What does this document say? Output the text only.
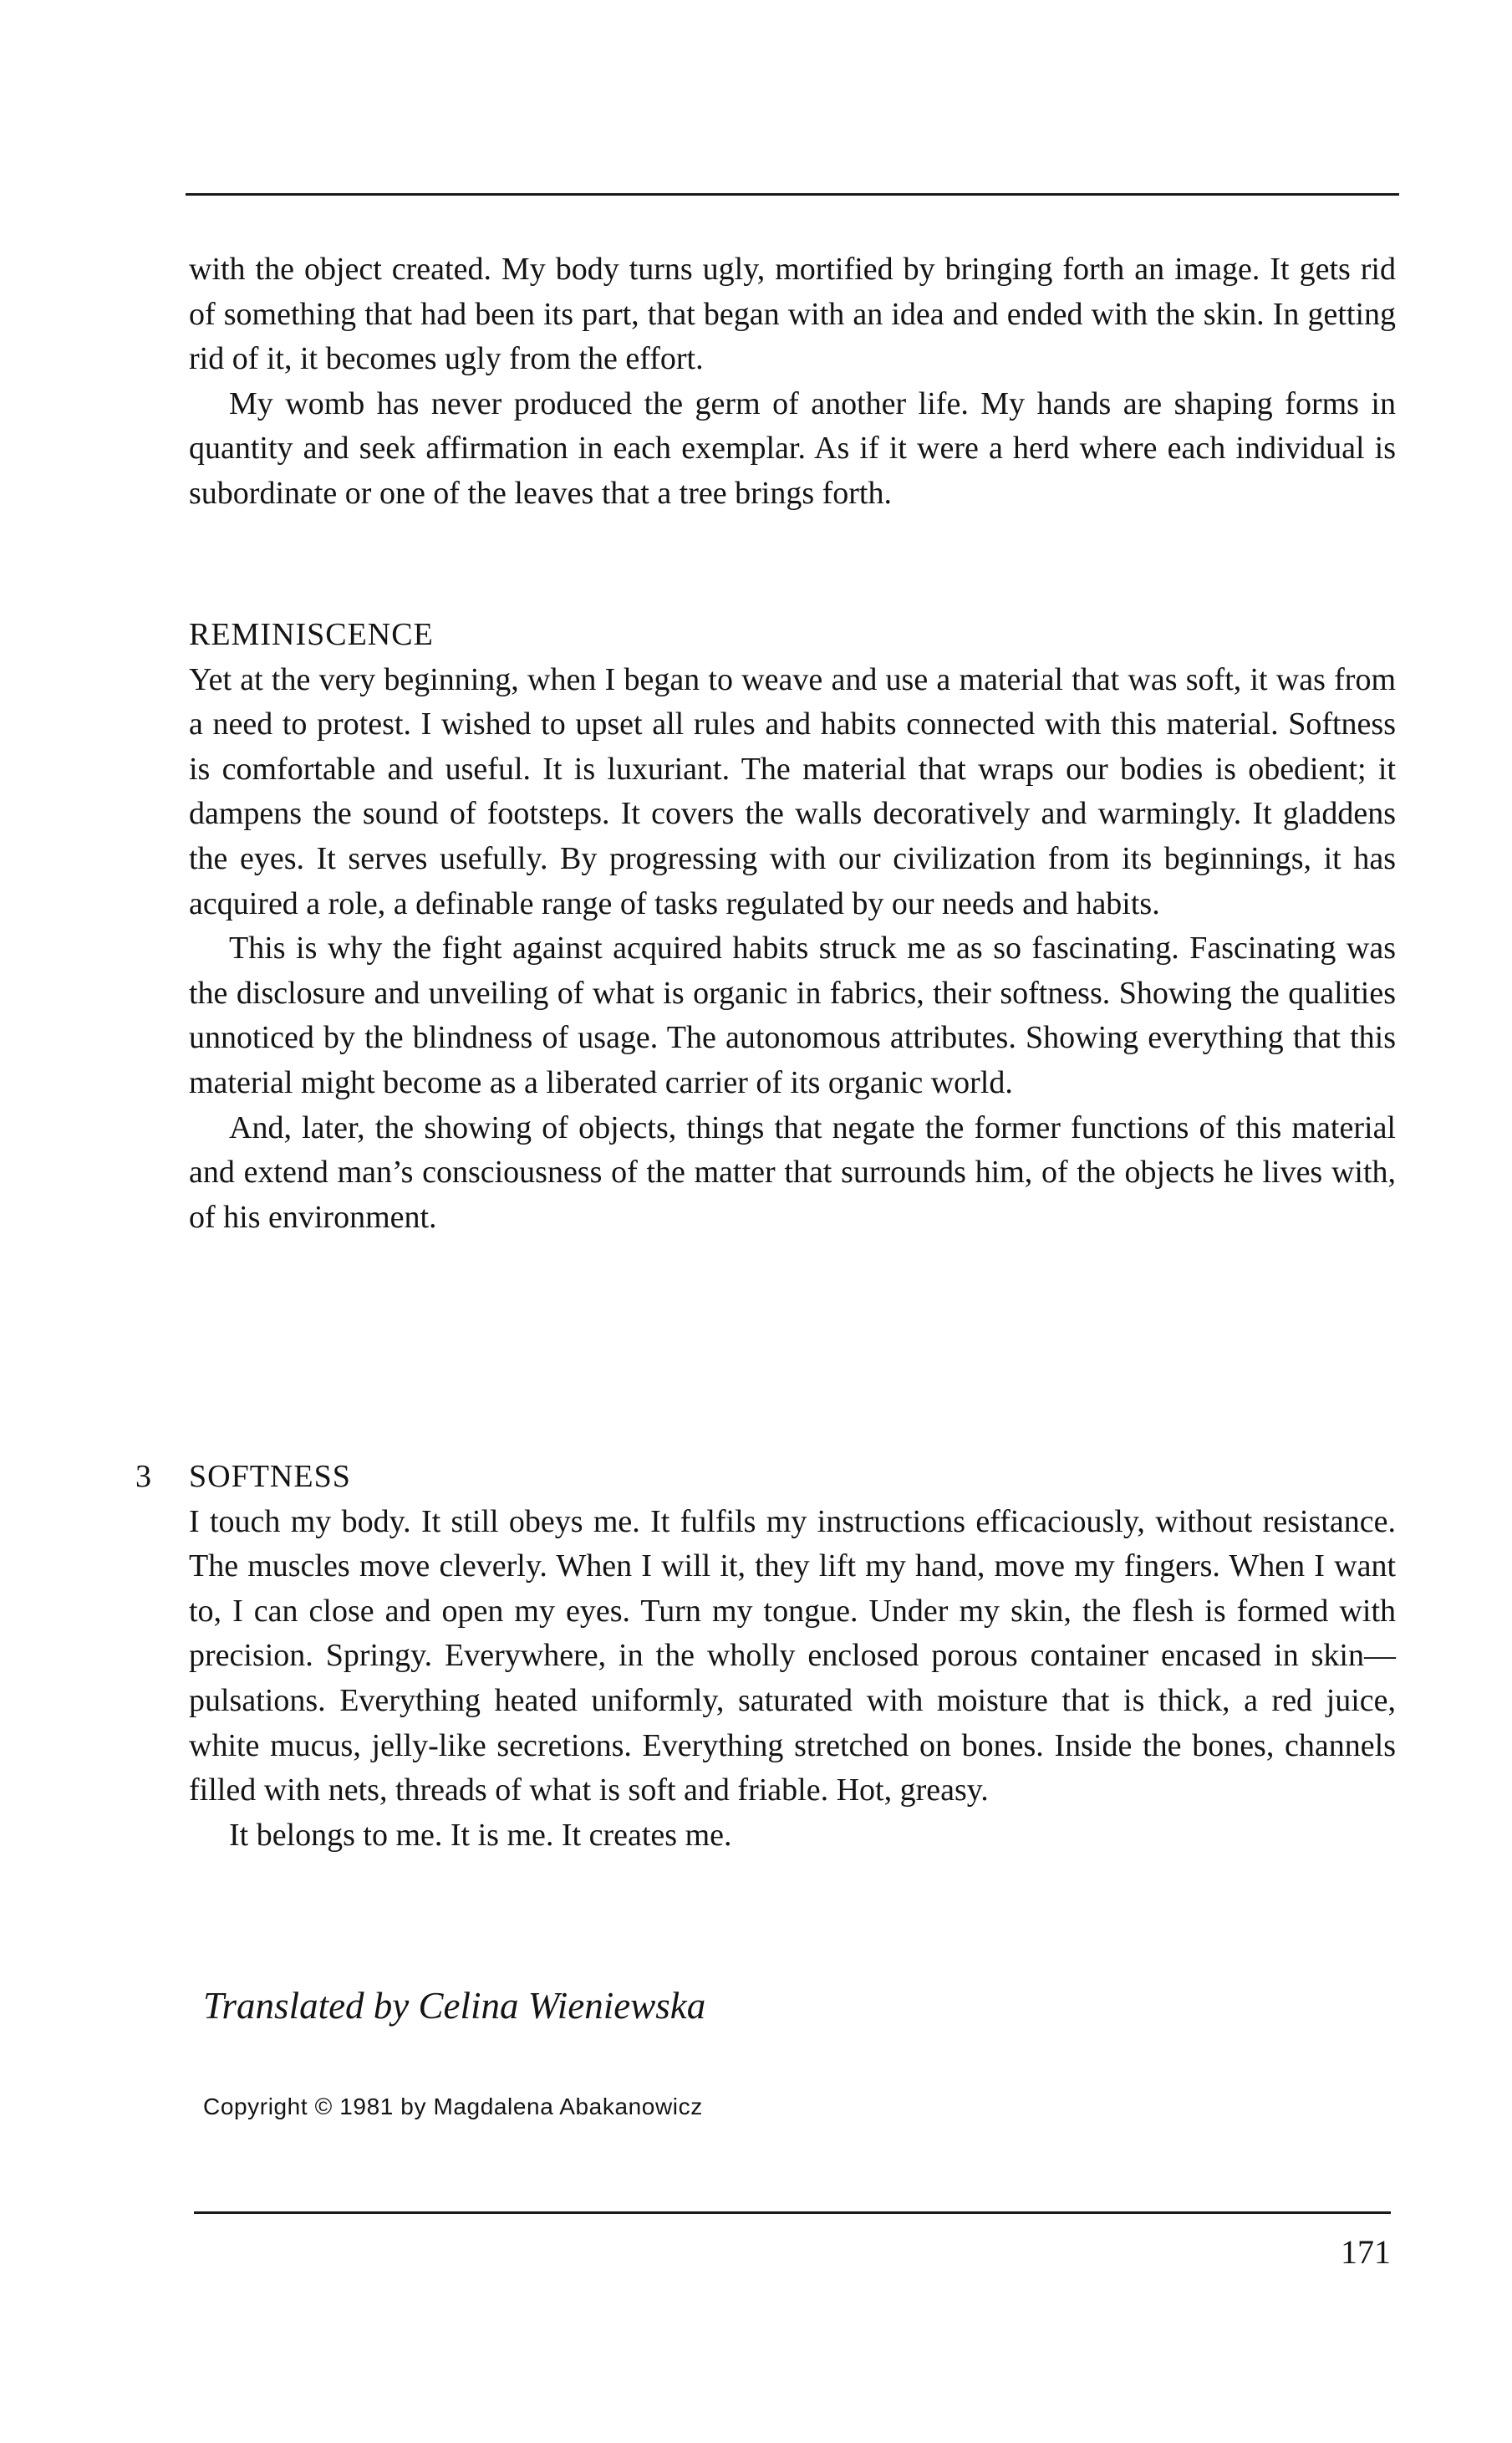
with the object created. My body turns ugly, mortified by bringing forth an image. It gets rid of something that had been its part, that began with an idea and ended with the skin. In getting rid of it, it becomes ugly from the effort.

My womb has never produced the germ of another life. My hands are shaping forms in quantity and seek affirmation in each exemplar. As if it were a herd where each individual is subordinate or one of the leaves that a tree brings forth.

REMINISCENCE

Yet at the very beginning, when I began to weave and use a material that was soft, it was from a need to protest. I wished to upset all rules and habits connected with this material. Softness is comfortable and useful. It is luxuriant. The material that wraps our bodies is obedient; it dampens the sound of footsteps. It covers the walls decoratively and warmingly. It gladdens the eyes. It serves usefully. By progressing with our civilization from its beginnings, it has acquired a role, a definable range of tasks regulated by our needs and habits.

This is why the fight against acquired habits struck me as so fascinating. Fascinating was the disclosure and unveiling of what is organic in fabrics, their softness. Showing the qualities unnoticed by the blindness of usage. The autonomous attributes. Showing everything that this material might become as a liberated carrier of its organic world.

And, later, the showing of objects, things that negate the former functions of this material and extend man’s consciousness of the matter that surrounds him, of the objects he lives with, of his environment.

3 SOFTNESS

I touch my body. It still obeys me. It fulfils my instructions efficaciously, without resistance. The muscles move cleverly. When I will it, they lift my hand, move my fingers. When I want to, I can close and open my eyes. Turn my tongue. Under my skin, the flesh is formed with precision. Springy. Everywhere, in the wholly enclosed porous container encased in skin—pulsations. Everything heated uniformly, saturated with moisture that is thick, a red juice, white mucus, jelly-like secretions. Everything stretched on bones. Inside the bones, channels filled with nets, threads of what is soft and friable. Hot, greasy.

It belongs to me. It is me. It creates me.

Translated by Celina Wieniewska
Copyright © 1981 by Magdalena Abakanowicz
171
